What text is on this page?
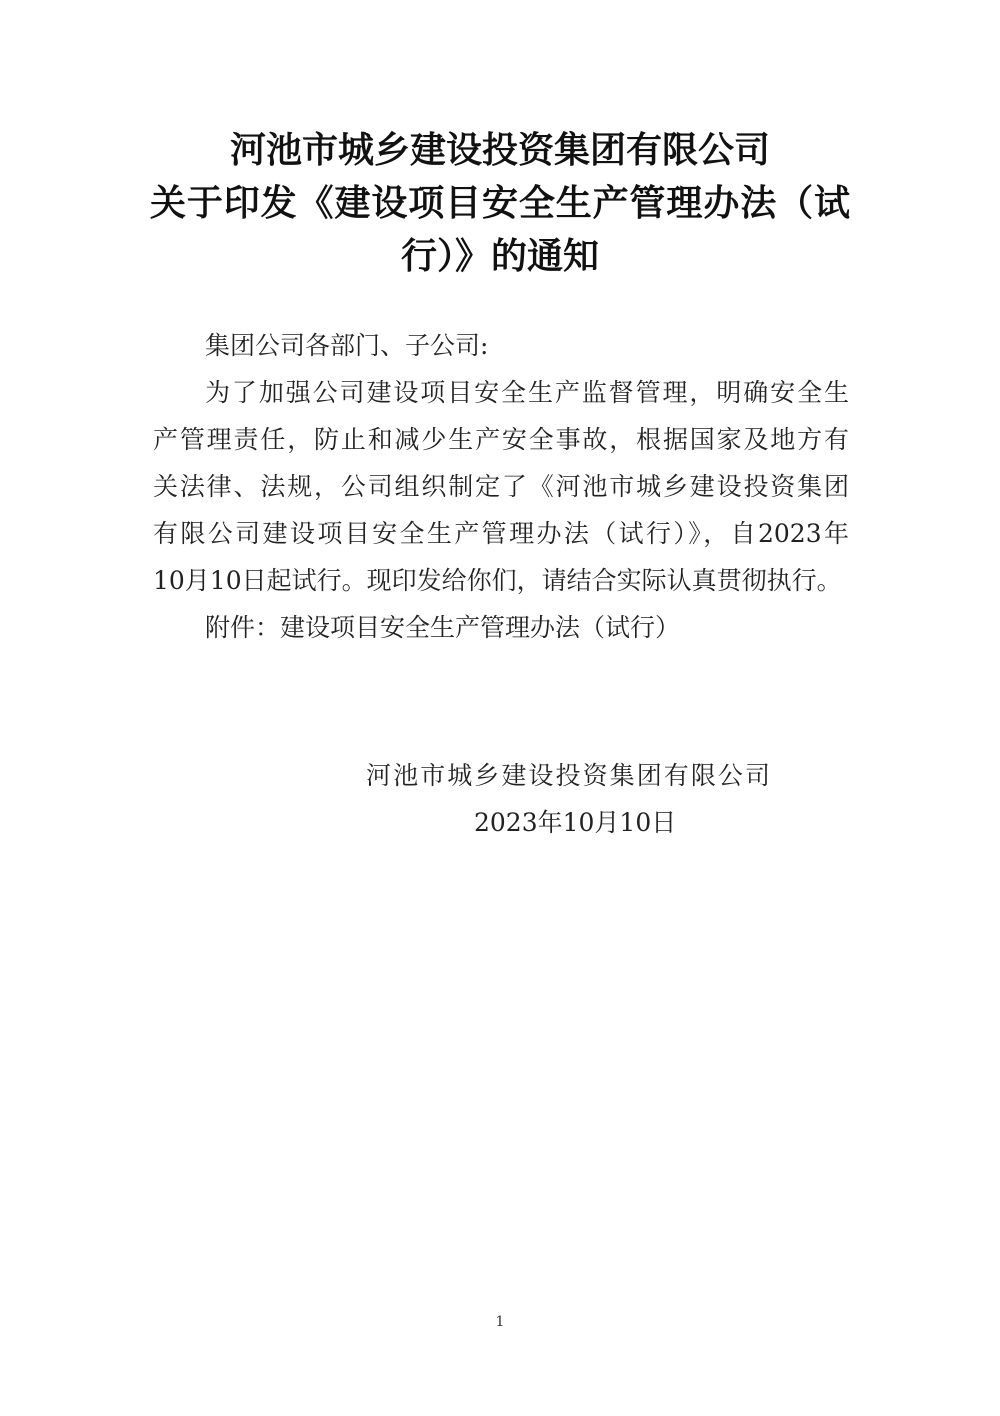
河池市城乡建设投资集团有限公司
关于印发《建设项目安全生产管理办法（试
行）》的通知

集团公司各部门、子公司:

为了加强公司建设项目安全生产监督管理，明确安全生
产管理责任，防止和减少生产安全事故，根据国家及地方有
关法律、法规，公司组织制定了《河池市城乡建设投资集团
有限公司建设项目安全生产管理办法（试行）》，自2023年
10月10日起试行。现印发给你们，请结合实际认真贯彻执行。

附件：建设项目安全生产管理办法（试行）

河池市城乡建设投资集团有限公司
2023年10月10日
1
